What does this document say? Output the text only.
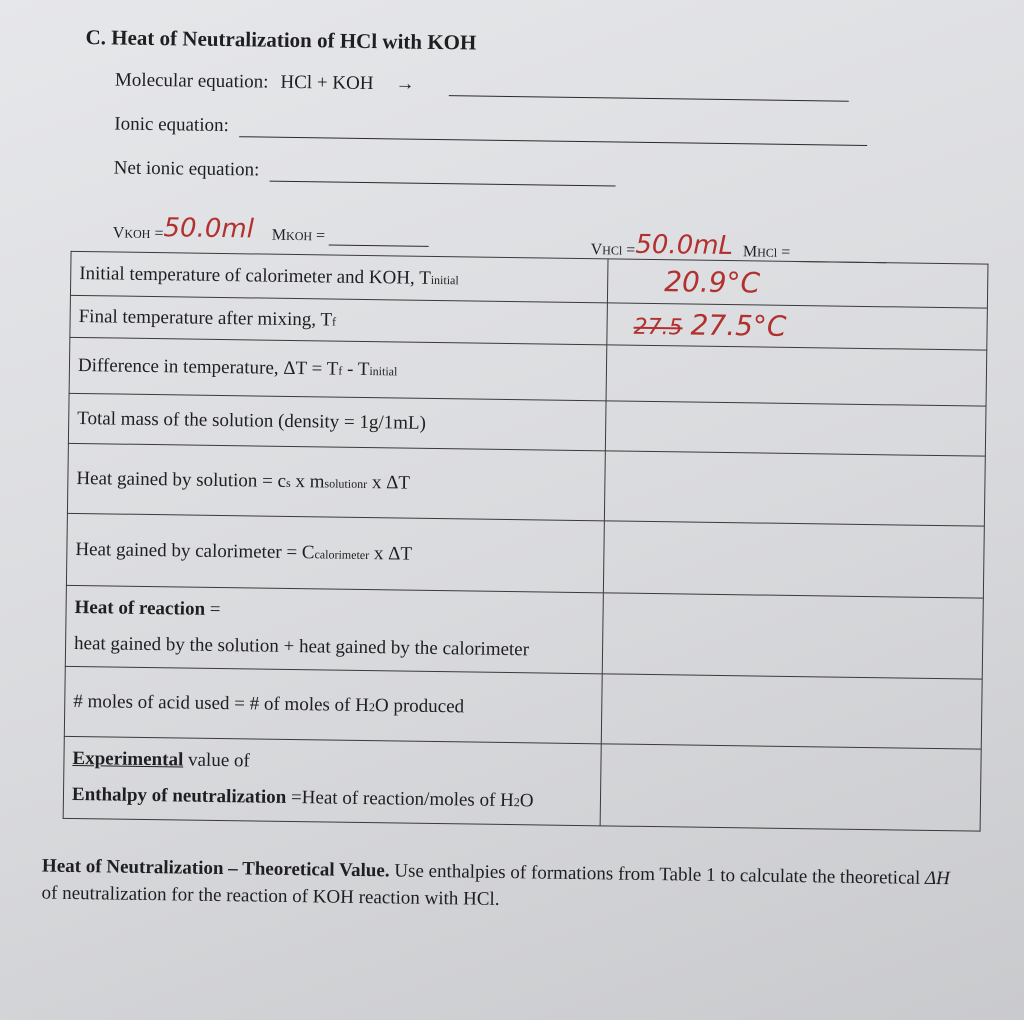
C. Heat of Neutralization of HCl with KOH
Molecular equation: HCl + KOH →
Ionic equation:
Net ionic equation:
VKOH = 50.0ml MKOH =
VHCl = 50.0mL MHCl =
Initial temperature of calorimeter and KOH, Tinitial	20.9°C
Final temperature after mixing, Tf	27.5 27.5°C
Difference in temperature, ΔT = Tf - Tinitial	
Total mass of the solution (density = 1g/1mL)	
Heat gained by solution = cs x msolutionr x ΔT	
Heat gained by calorimeter = Ccalorimeter x ΔT	
Heat of reaction =
heat gained by the solution + heat gained by the calorimeter	
# moles of acid used = # of moles of H2O produced	
Experimental value of
Enthalpy of neutralization =Heat of reaction/moles of H2O	
Heat of Neutralization – Theoretical Value. Use enthalpies of formations from Table 1 to calculate the theoretical ΔH of neutralization for the reaction of KOH reaction with HCl.
